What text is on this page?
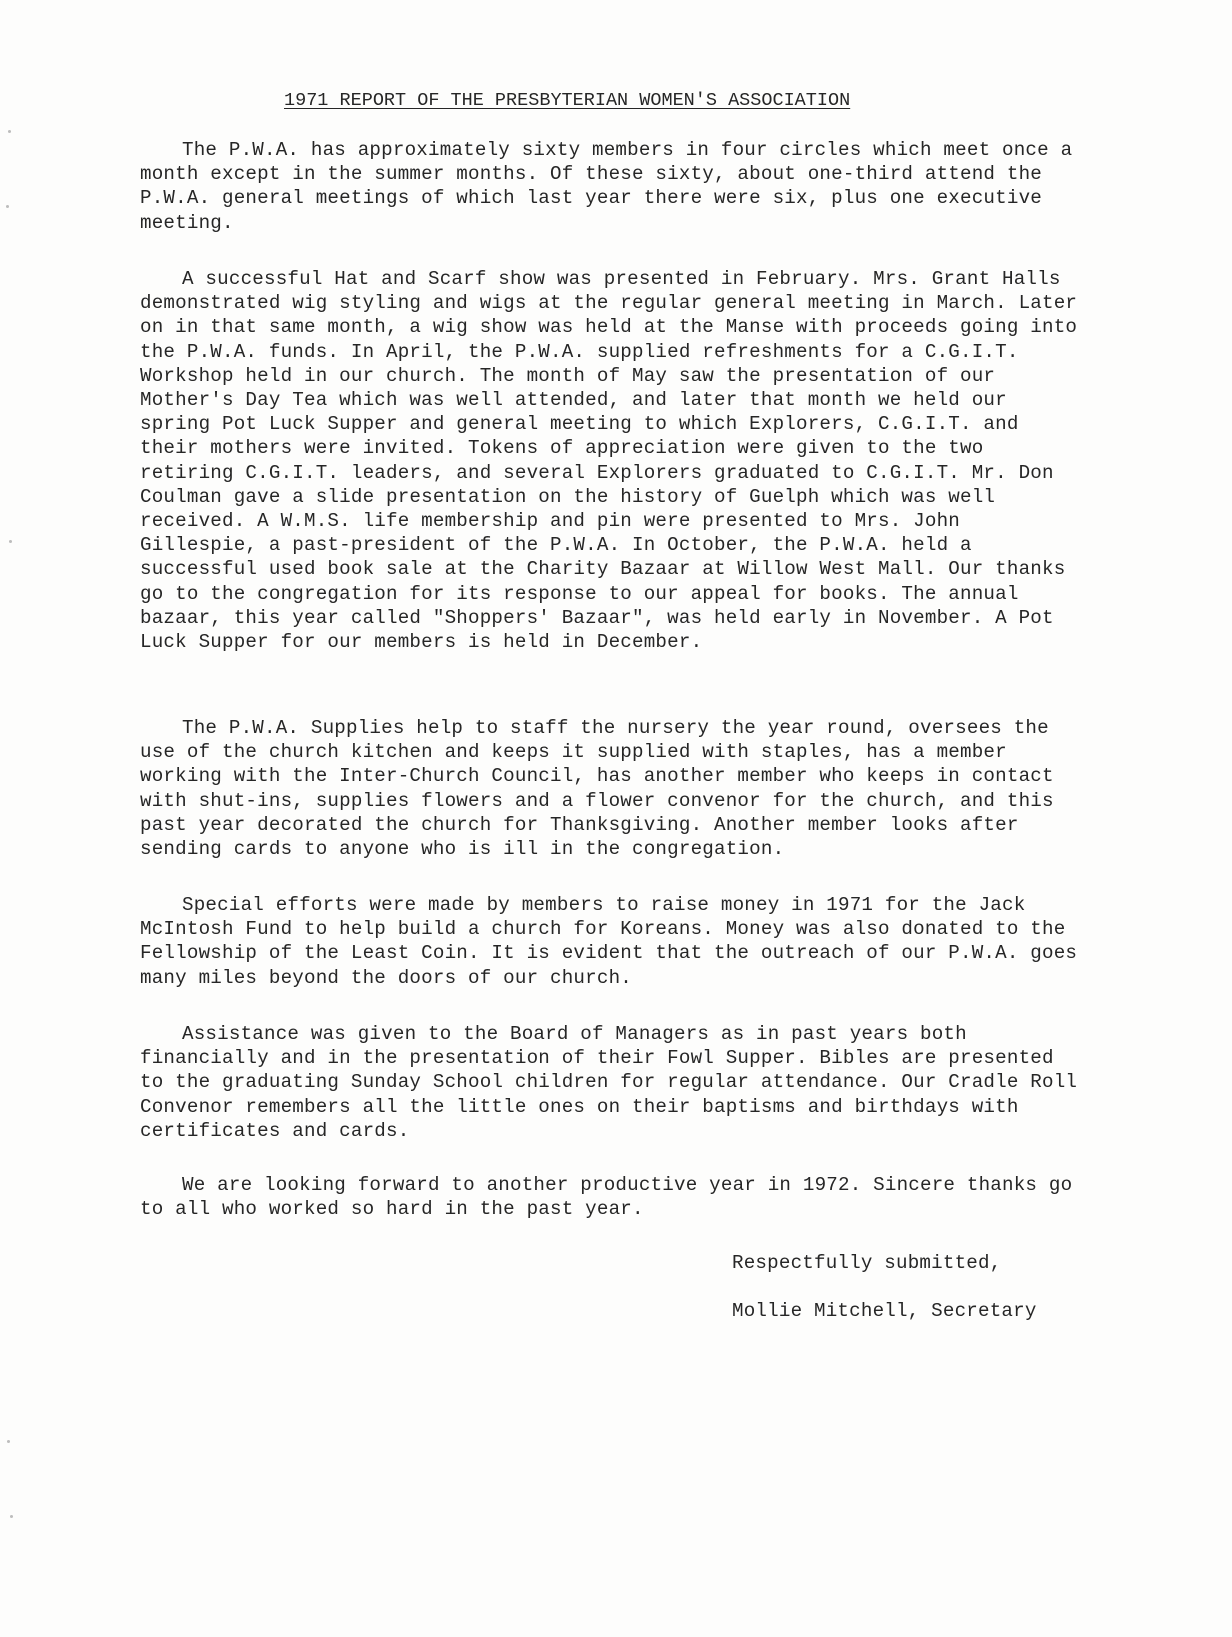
1971 REPORT OF THE PRESBYTERIAN WOMEN'S ASSOCIATION

The P.W.A. has approximately sixty members in four circles which meet once a month except in the summer months. Of these sixty, about one-third attend the P.W.A. general meetings of which last year there were six, plus one executive meeting.

A successful Hat and Scarf show was presented in February. Mrs. Grant Halls demonstrated wig styling and wigs at the regular general meeting in March. Later on in that same month, a wig show was held at the Manse with proceeds going into the P.W.A. funds. In April, the P.W.A. supplied refreshments for a C.G.I.T. Workshop held in our church. The month of May saw the presentation of our Mother's Day Tea which was well attended, and later that month we held our spring Pot Luck Supper and general meeting to which Explorers, C.G.I.T. and their mothers were invited. Tokens of appreciation were given to the two retiring C.G.I.T. leaders, and several Explorers graduated to C.G.I.T. Mr. Don Coulman gave a slide presentation on the history of Guelph which was well received. A W.M.S. life membership and pin were presented to Mrs. John Gillespie, a past-president of the P.W.A. In October, the P.W.A. held a successful used book sale at the Charity Bazaar at Willow West Mall. Our thanks go to the congregation for its response to our appeal for books. The annual bazaar, this year called "Shoppers' Bazaar", was held early in November. A Pot Luck Supper for our members is held in December.

The P.W.A. Supplies help to staff the nursery the year round, oversees the use of the church kitchen and keeps it supplied with staples, has a member working with the Inter-Church Council, has another member who keeps in contact with shut-ins, supplies flowers and a flower convenor for the church, and this past year decorated the church for Thanksgiving. Another member looks after sending cards to anyone who is ill in the congregation.

Special efforts were made by members to raise money in 1971 for the Jack McIntosh Fund to help build a church for Koreans. Money was also donated to the Fellowship of the Least Coin. It is evident that the outreach of our P.W.A. goes many miles beyond the doors of our church.

Assistance was given to the Board of Managers as in past years both financially and in the presentation of their Fowl Supper. Bibles are presented to the graduating Sunday School children for regular attendance. Our Cradle Roll Convenor remembers all the little ones on their baptisms and birthdays with certificates and cards.

We are looking forward to another productive year in 1972. Sincere thanks go to all who worked so hard in the past year.

Respectfully submitted,
Mollie Mitchell, Secretary
